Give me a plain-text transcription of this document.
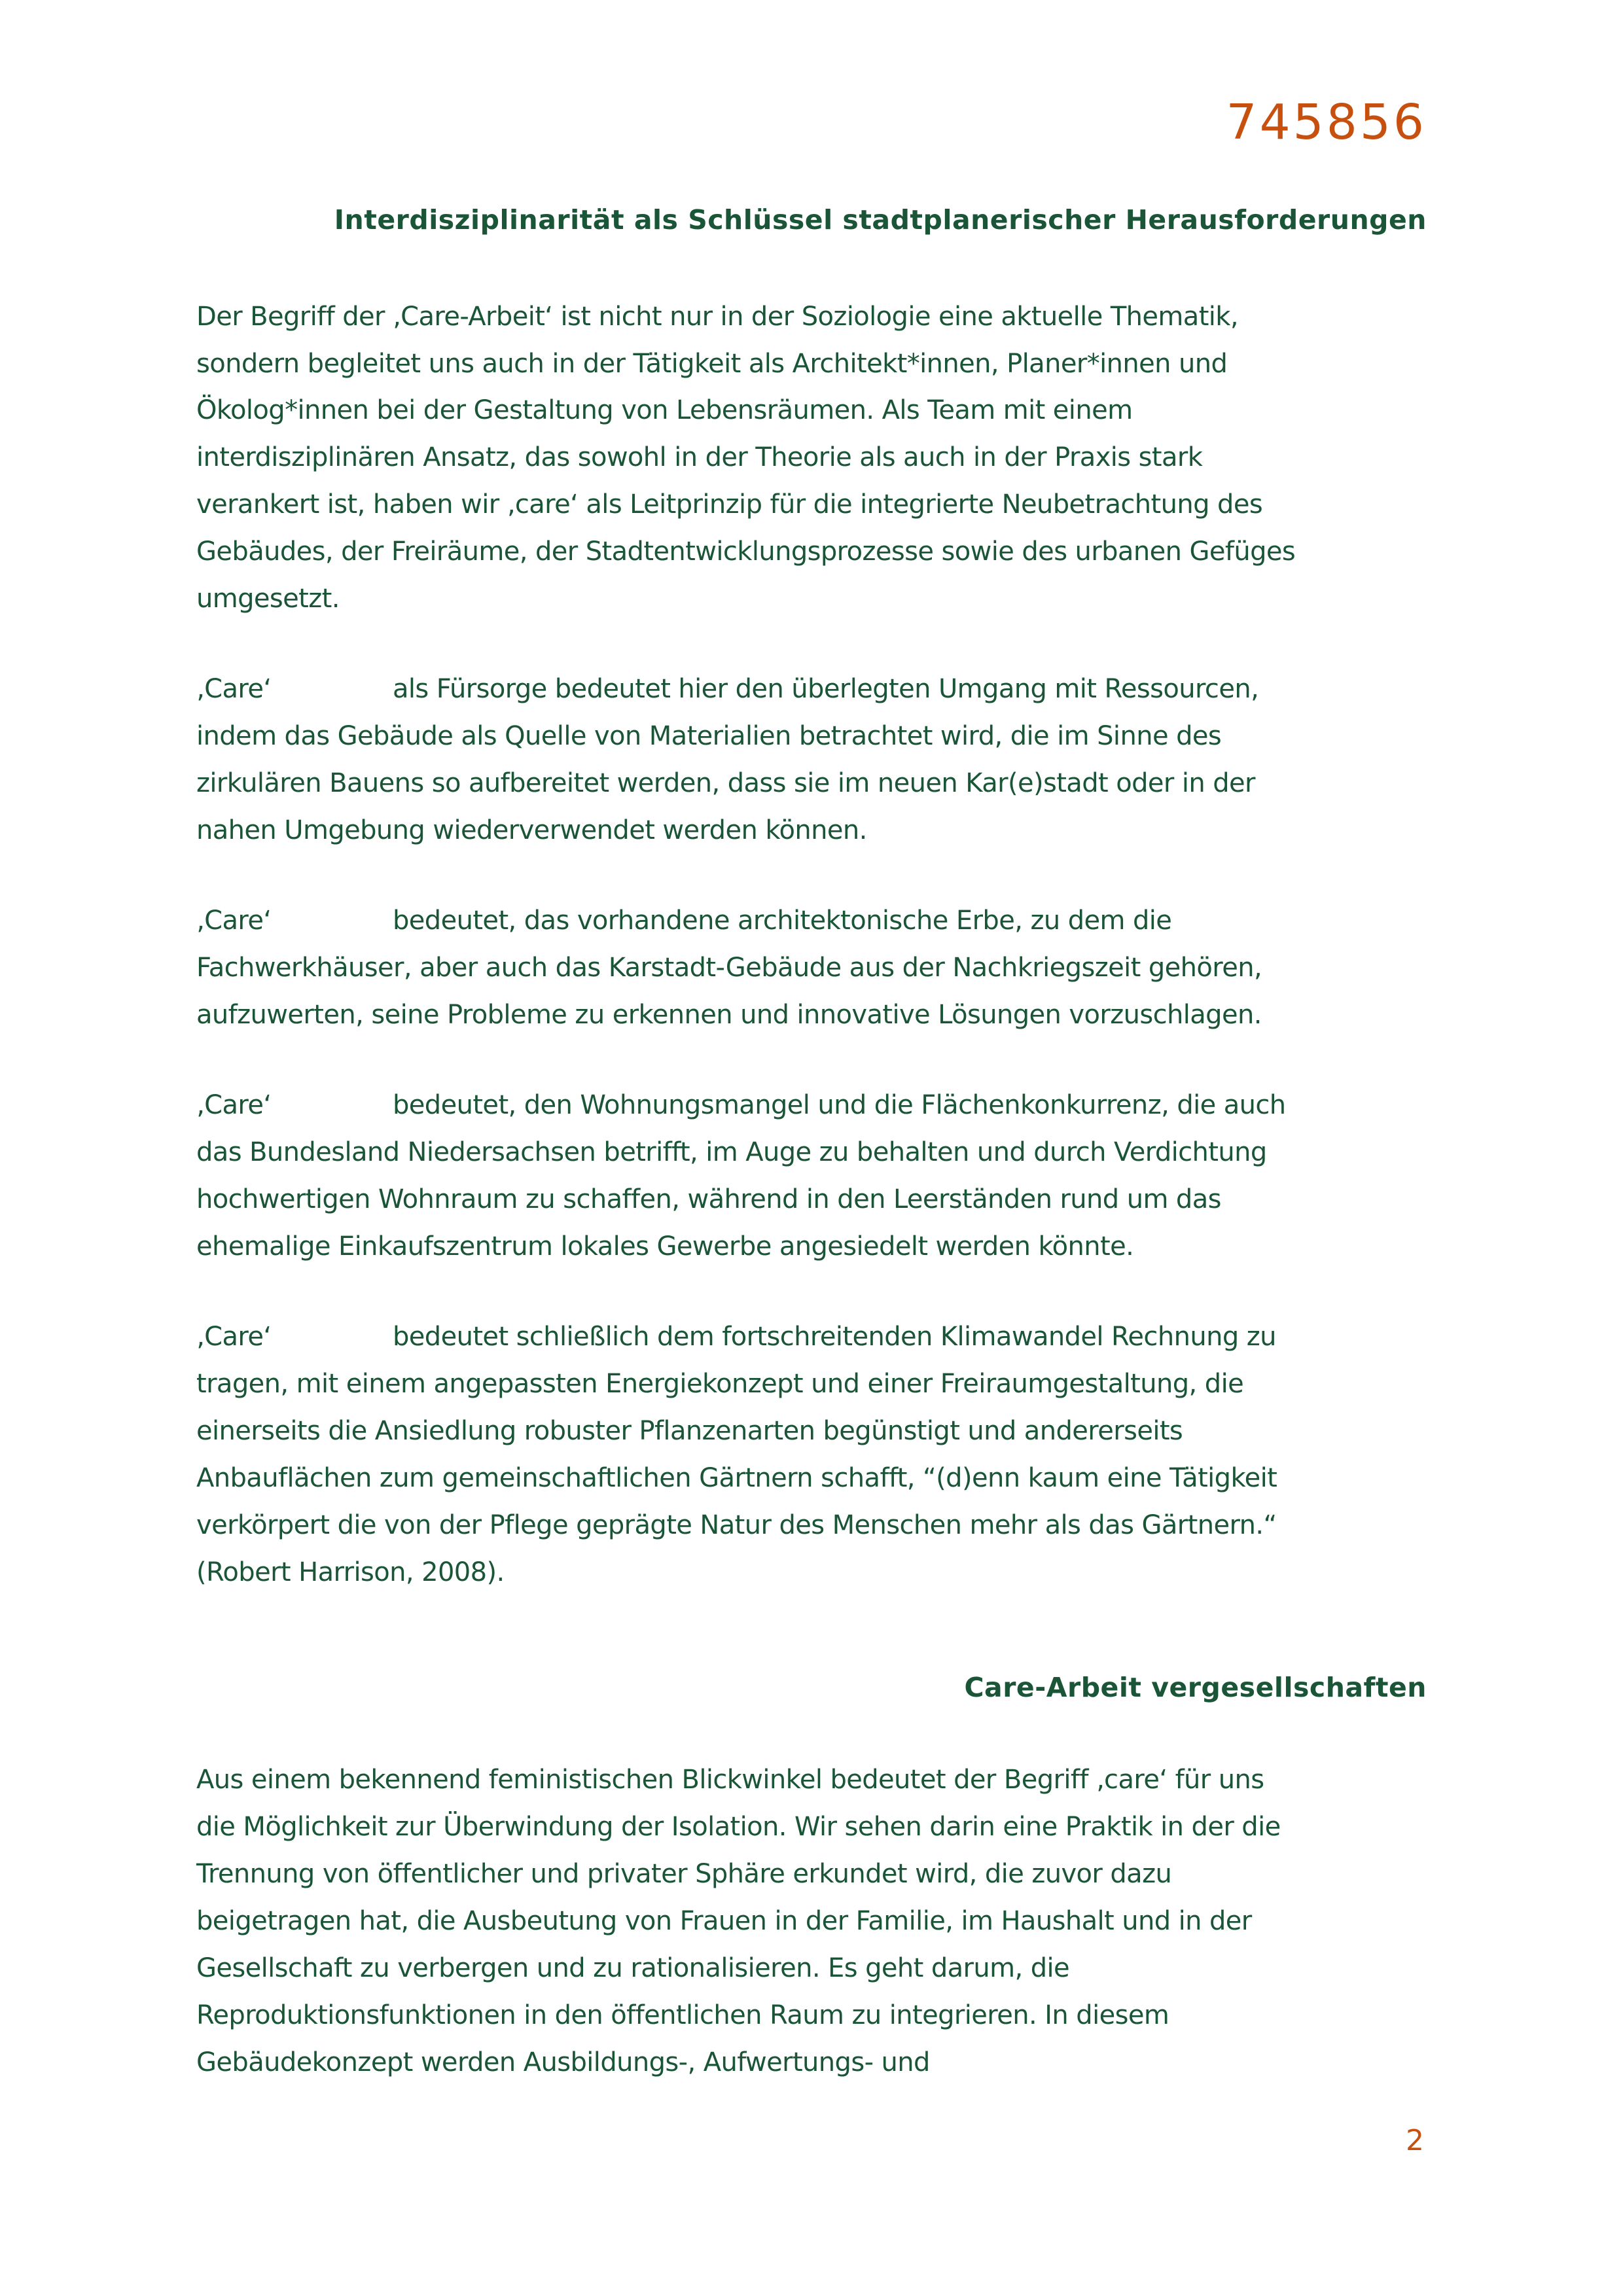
745856
Interdisziplinarität als Schlüssel stadtplanerischer Herausforderungen
Der Begriff der ‚Care-Arbeit‘ ist nicht nur in der Soziologie eine aktuelle Thematik,
sondern begleitet uns auch in der Tätigkeit als Architekt*innen, Planer*innen und
Ökolog*innen bei der Gestaltung von Lebensräumen. Als Team mit einem
interdisziplinären Ansatz, das sowohl in der Theorie als auch in der Praxis stark
verankert ist, haben wir ‚care‘ als Leitprinzip für die integrierte Neubetrachtung des
Gebäudes, der Freiräume, der Stadtentwicklungsprozesse sowie des urbanen Gefüges
umgesetzt.
‚Care‘	als Fürsorge bedeutet hier den überlegten Umgang mit Ressourcen,
indem das Gebäude als Quelle von Materialien betrachtet wird, die im Sinne des
zirkulären Bauens so aufbereitet werden, dass sie im neuen Kar(e)stadt oder in der
nahen Umgebung wiederverwendet werden können.
‚Care‘	bedeutet, das vorhandene architektonische Erbe, zu dem die
Fachwerkhäuser, aber auch das Karstadt-Gebäude aus der Nachkriegszeit gehören,
aufzuwerten, seine Probleme zu erkennen und innovative Lösungen vorzuschlagen.
‚Care‘	bedeutet, den Wohnungsmangel und die Flächenkonkurrenz, die auch
das Bundesland Niedersachsen betrifft, im Auge zu behalten und durch Verdichtung
hochwertigen Wohnraum zu schaffen, während in den Leerständen rund um das
ehemalige Einkaufszentrum lokales Gewerbe angesiedelt werden könnte.
‚Care‘	bedeutet schließlich dem fortschreitenden Klimawandel Rechnung zu
tragen, mit einem angepassten Energiekonzept und einer Freiraumgestaltung, die
einerseits die Ansiedlung robuster Pflanzenarten begünstigt und andererseits
Anbauflächen zum gemeinschaftlichen Gärtnern schafft, “(d)enn kaum eine Tätigkeit
verkörpert die von der Pflege geprägte Natur des Menschen mehr als das Gärtnern.“
(Robert Harrison, 2008).
Care-Arbeit vergesellschaften
Aus einem bekennend feministischen Blickwinkel bedeutet der Begriff ‚care‘ für uns
die Möglichkeit zur Überwindung der Isolation. Wir sehen darin eine Praktik in der die
Trennung von öffentlicher und privater Sphäre erkundet wird, die zuvor dazu
beigetragen hat, die Ausbeutung von Frauen in der Familie, im Haushalt und in der
Gesellschaft zu verbergen und zu rationalisieren. Es geht darum, die
Reproduktionsfunktionen in den öffentlichen Raum zu integrieren. In diesem
Gebäudekonzept werden Ausbildungs-, Aufwertungs- und
2
